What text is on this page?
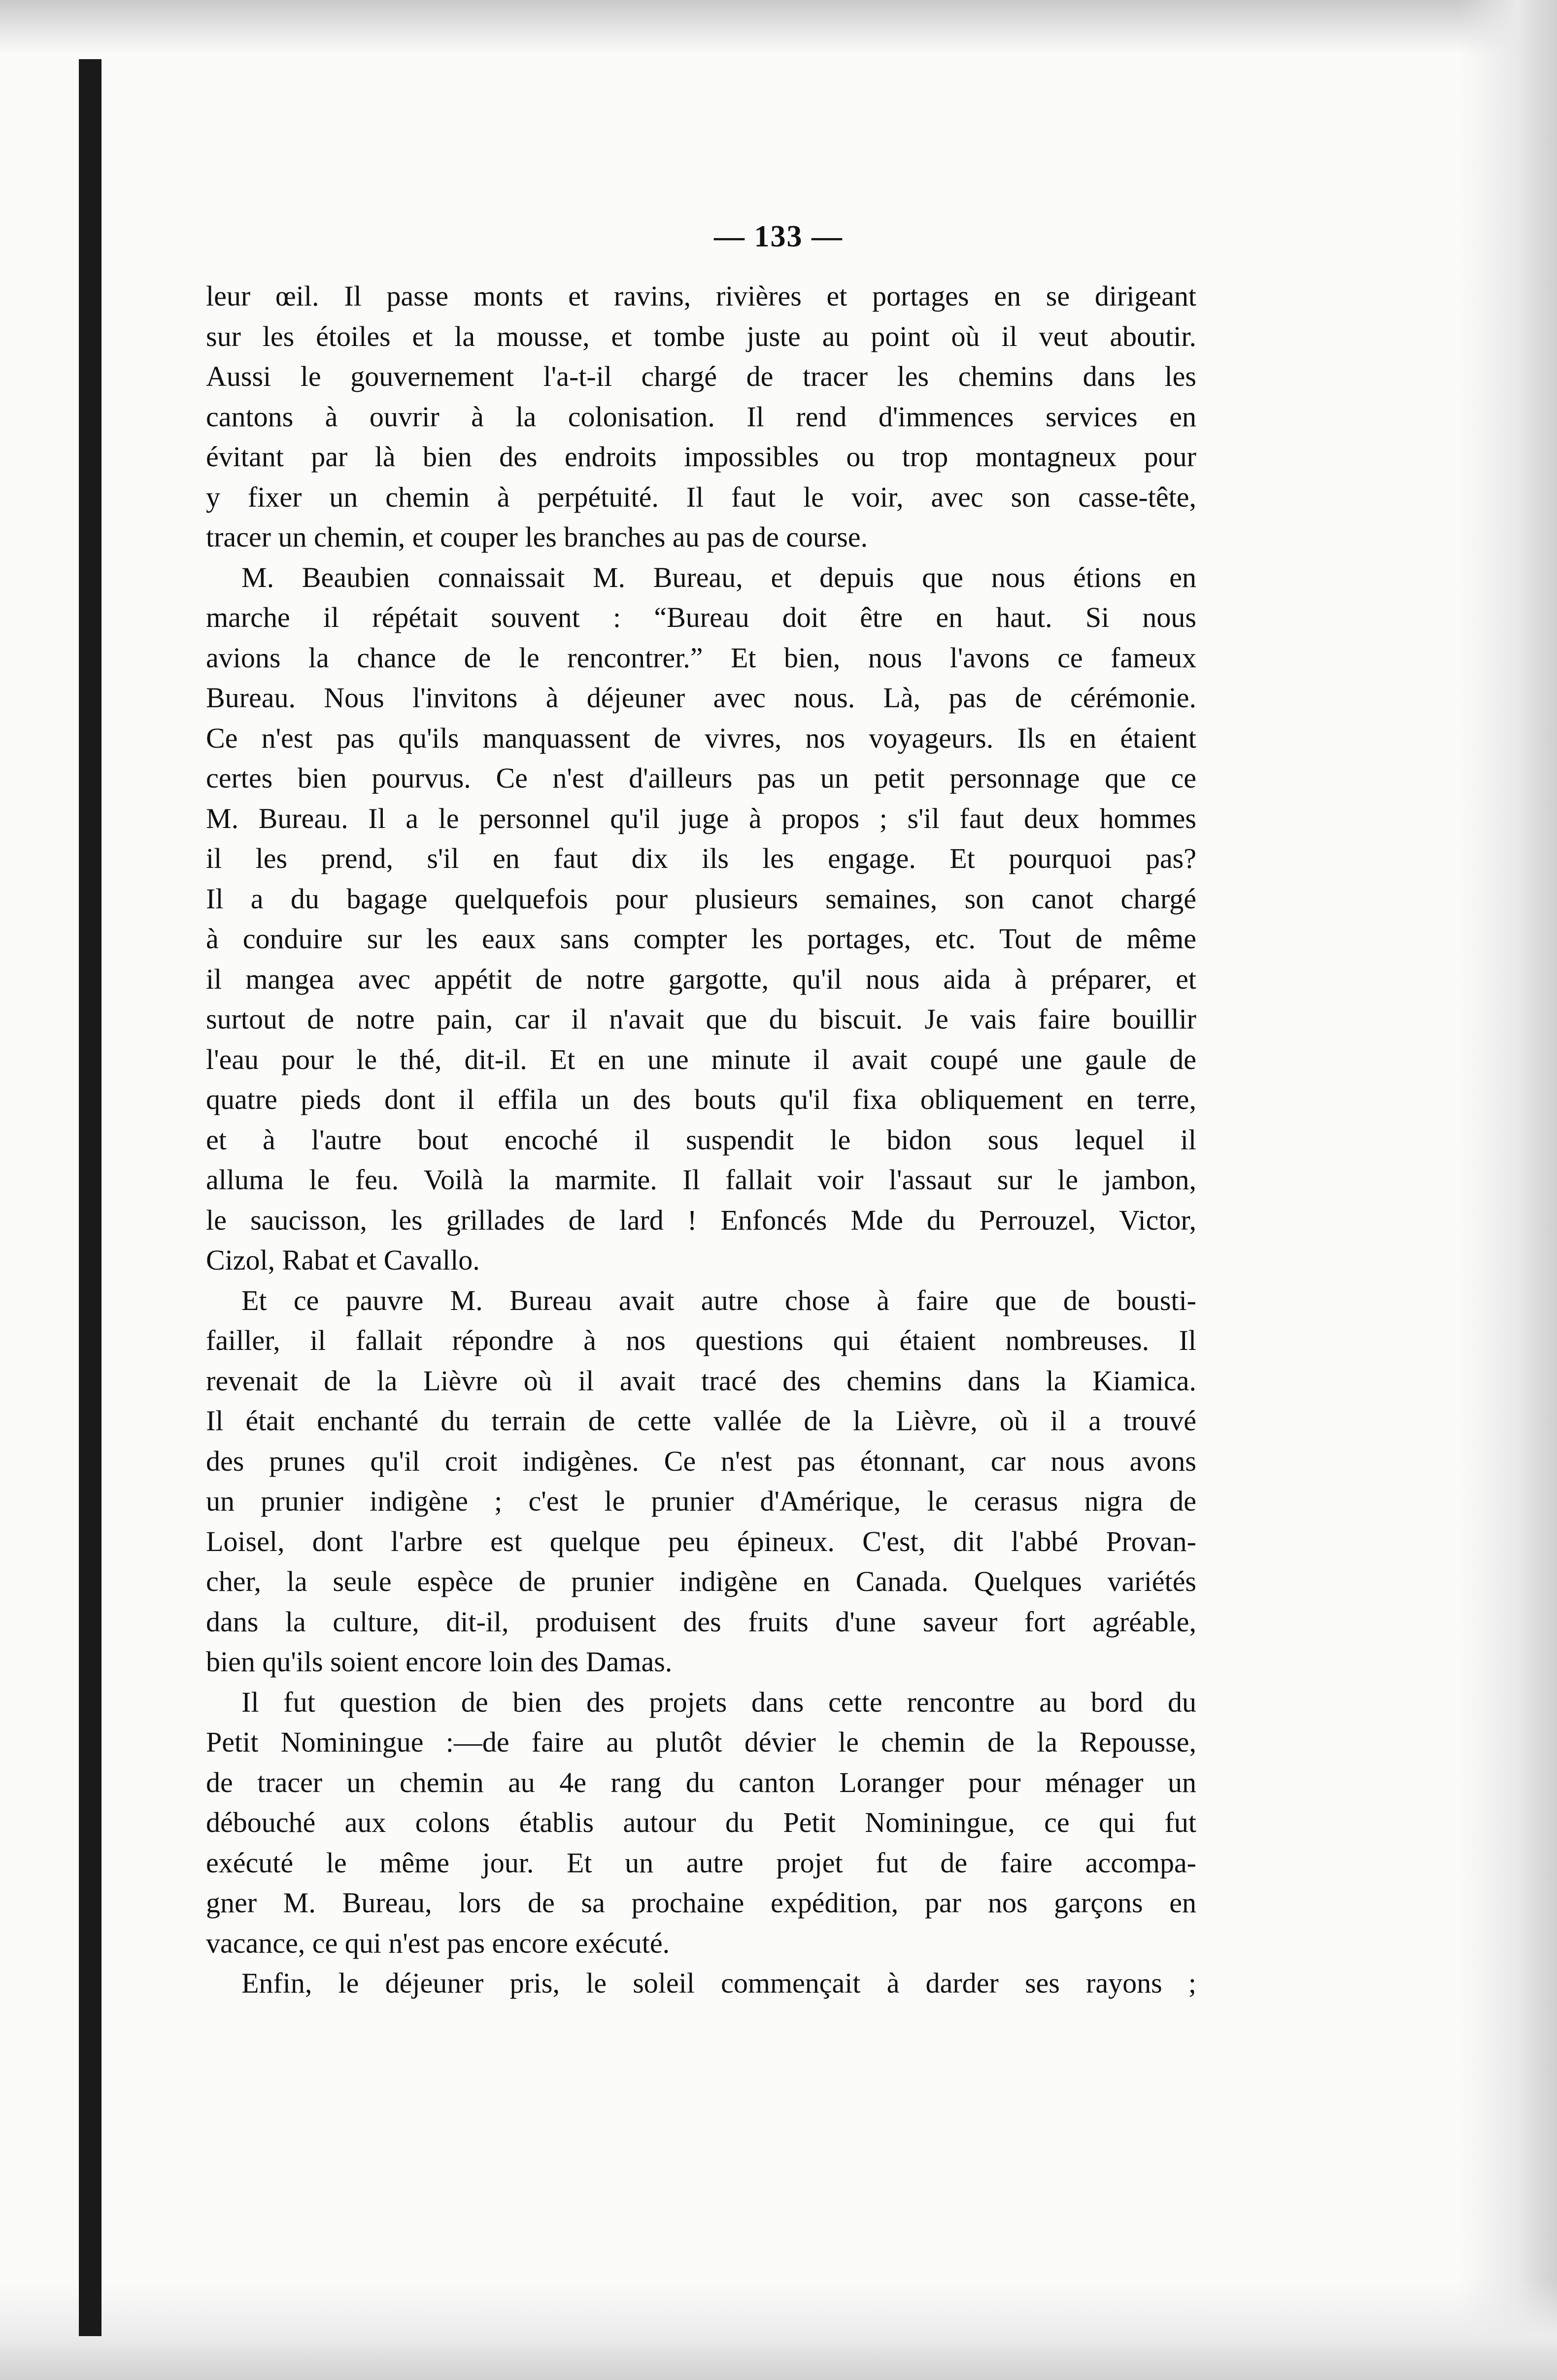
— 133 —
leur œil. Il passe monts et ravins, rivières et portages en se dirigeant
sur les étoiles et la mousse, et tombe juste au point où il veut aboutir.
Aussi le gouvernement l'a-t-il chargé de tracer les chemins dans les
cantons à ouvrir à la colonisation. Il rend d'immences services en
évitant par là bien des endroits impossibles ou trop montagneux pour
y fixer un chemin à perpétuité. Il faut le voir, avec son casse-tête,
tracer un chemin, et couper les branches au pas de course.
M. Beaubien connaissait M. Bureau, et depuis que nous étions en
marche il répétait souvent : “Bureau doit être en haut. Si nous
avions la chance de le rencontrer.” Et bien, nous l'avons ce fameux
Bureau. Nous l'invitons à déjeuner avec nous. Là, pas de cérémonie.
Ce n'est pas qu'ils manquassent de vivres, nos voyageurs. Ils en étaient
certes bien pourvus. Ce n'est d'ailleurs pas un petit personnage que ce
M. Bureau. Il a le personnel qu'il juge à propos ; s'il faut deux hommes
il les prend, s'il en faut dix ils les engage. Et pourquoi pas?
Il a du bagage quelquefois pour plusieurs semaines, son canot chargé
à conduire sur les eaux sans compter les portages, etc. Tout de même
il mangea avec appétit de notre gargotte, qu'il nous aida à préparer, et
surtout de notre pain, car il n'avait que du biscuit. Je vais faire bouillir
l'eau pour le thé, dit-il. Et en une minute il avait coupé une gaule de
quatre pieds dont il effila un des bouts qu'il fixa obliquement en terre,
et à l'autre bout encoché il suspendit le bidon sous lequel il
alluma le feu. Voilà la marmite. Il fallait voir l'assaut sur le jambon,
le saucisson, les grillades de lard ! Enfoncés Mde du Perrouzel, Victor,
Cizol, Rabat et Cavallo.
Et ce pauvre M. Bureau avait autre chose à faire que de bousti-
failler, il fallait répondre à nos questions qui étaient nombreuses. Il
revenait de la Lièvre où il avait tracé des chemins dans la Kiamica.
Il était enchanté du terrain de cette vallée de la Lièvre, où il a trouvé
des prunes qu'il croit indigènes. Ce n'est pas étonnant, car nous avons
un prunier indigène ; c'est le prunier d'Amérique, le cerasus nigra de
Loisel, dont l'arbre est quelque peu épineux. C'est, dit l'abbé Provan-
cher, la seule espèce de prunier indigène en Canada. Quelques variétés
dans la culture, dit-il, produisent des fruits d'une saveur fort agréable,
bien qu'ils soient encore loin des Damas.
Il fut question de bien des projets dans cette rencontre au bord du
Petit Nominingue :—de faire au plutôt dévier le chemin de la Repousse,
de tracer un chemin au 4e rang du canton Loranger pour ménager un
débouché aux colons établis autour du Petit Nominingue, ce qui fut
exécuté le même jour. Et un autre projet fut de faire accompa-
gner M. Bureau, lors de sa prochaine expédition, par nos garçons en
vacance, ce qui n'est pas encore exécuté.
Enfin, le déjeuner pris, le soleil commençait à darder ses rayons ;
